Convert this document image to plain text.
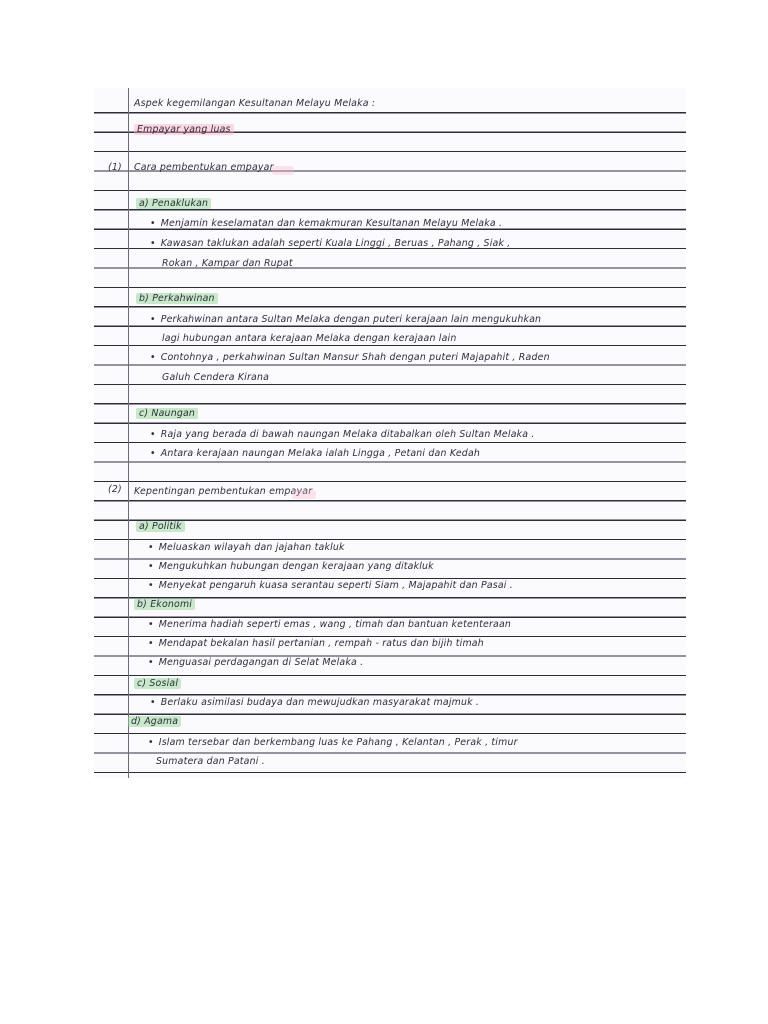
Aspek kegemilangan Kesultanan Melayu Melaka :
Empayar yang luas
(1) Cara pembentukan empayar
a) Penaklukan
• Menjamin keselamatan dan kemakmuran Kesultanan Melayu Melaka .
• Kawasan taklukan adalah seperti Kuala Linggi , Beruas , Pahang , Siak ,
Rokan , Kampar dan Rupat
b) Perkahwinan
• Perkahwinan antara Sultan Melaka dengan puteri kerajaan lain mengukuhkan
lagi hubungan antara kerajaan Melaka dengan kerajaan lain
• Contohnya , perkahwinan Sultan Mansur Shah dengan puteri Majapahit , Raden
Galuh Cendera Kirana
c) Naungan
• Raja yang berada di bawah naungan Melaka ditabalkan oleh Sultan Melaka .
• Antara kerajaan naungan Melaka ialah Lingga , Petani dan Kedah
(2) Kepentingan pembentukan empayar
a) Politik
• Meluaskan wilayah dan jajahan takluk
• Mengukuhkan hubungan dengan kerajaan yang ditakluk
• Menyekat pengaruh kuasa serantau seperti Siam , Majapahit dan Pasai .
b) Ekonomi
• Menerima hadiah seperti emas , wang , timah dan bantuan ketenteraan
• Mendapat bekalan hasil pertanian , rempah - ratus dan bijih timah
• Menguasai perdagangan di Selat Melaka .
c) Sosial
• Berlaku asimilasi budaya dan mewujudkan masyarakat majmuk .
d) Agama
• Islam tersebar dan berkembang luas ke Pahang , Kelantan , Perak , timur
Sumatera dan Patani .
